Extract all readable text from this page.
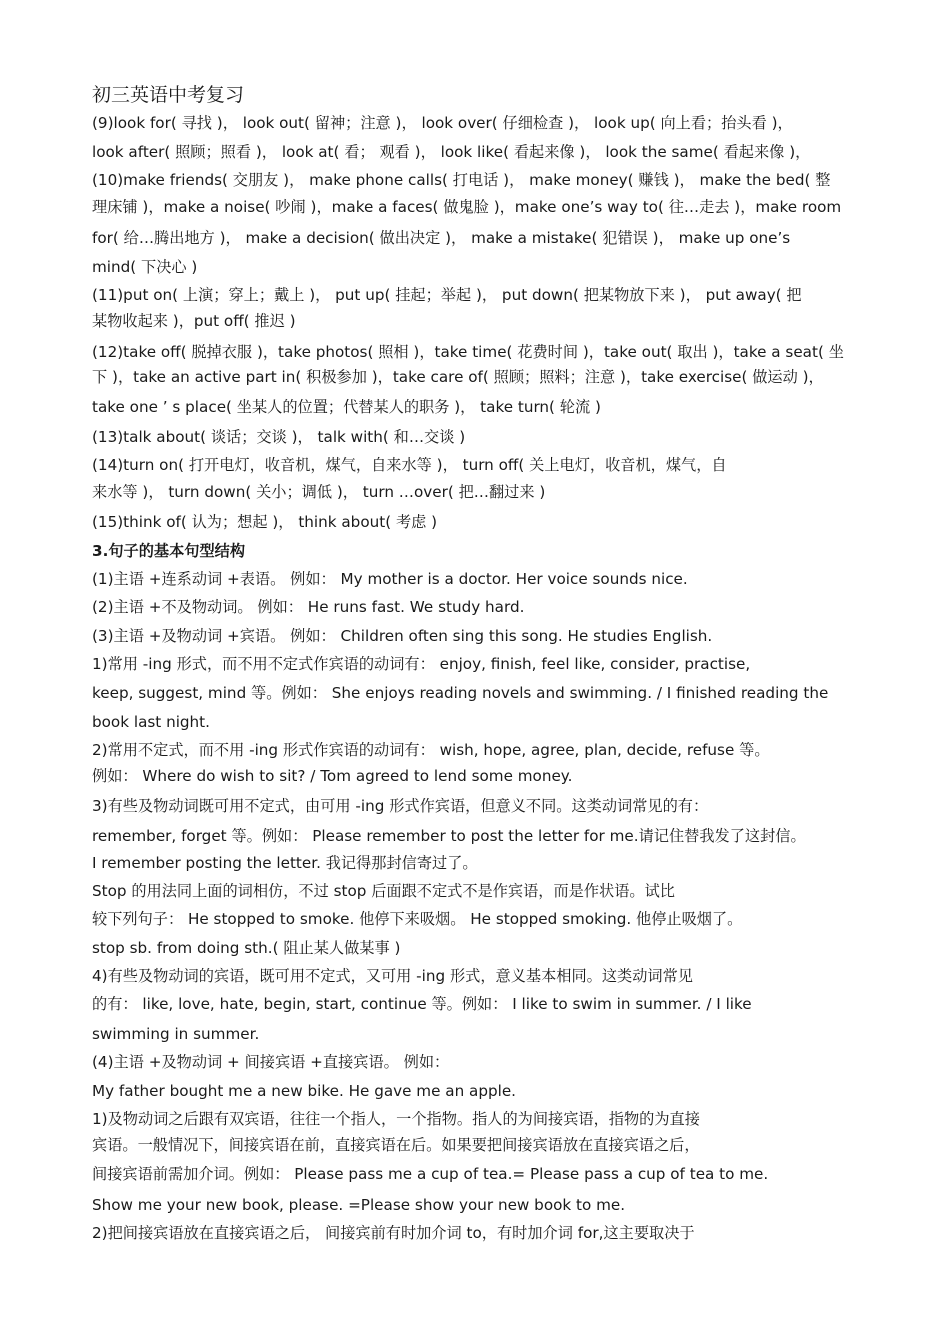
初三英语中考复习
(9)look for( 寻找 )， look out( 留神；注意 )， look over( 仔细检查 )， look up( 向上看；抬头看 )，
look after( 照顾；照看 )， look at( 看； 观看 )， look like( 看起来像 )， look the same( 看起来像 )，
(10)make friends( 交朋友 )， make phone calls( 打电话 )， make money( 赚钱 )， make the bed( 整
理床铺 )，make a noise( 吵闹 )，make a faces( 做鬼脸 )，make one’s way to( 往…走去 )，make room
for( 给…腾出地方 )， make a decision( 做出决定 )， make a mistake( 犯错误 )， make up one’s
mind( 下决心 )
(11)put on( 上演；穿上；戴上 )， put up( 挂起；举起 )， put down( 把某物放下来 )， put away( 把
某物收起来 )，put off( 推迟 )
(12)take off( 脱掉衣服 )，take photos( 照相 )，take time( 花费时间 )，take out( 取出 )，take a seat( 坐
下 )，take an active part in( 积极参加 )，take care of( 照顾；照料；注意 )，take exercise( 做运动 )，
take one ’ s place( 坐某人的位置；代替某人的职务 )， take turn( 轮流 )
(13)talk about( 谈话；交谈 )， talk with( 和…交谈 )
(14)turn on( 打开电灯，收音机，煤气，自来水等 )， turn off( 关上电灯，收音机，煤气，自
来水等 )， turn down( 关小；调低 )， turn …over( 把…翻过来 )
(15)think of( 认为；想起 )， think about( 考虑 )
3.句子的基本句型结构
(1)主语 +连系动词 +表语。 例如： My mother is a doctor. Her voice sounds nice.
(2)主语 +不及物动词。 例如： He runs fast. We study hard.
(3)主语 +及物动词 +宾语。 例如： Children often sing this song. He studies English.
1)常用 -ing 形式，而不用不定式作宾语的动词有： enjoy, finish, feel like, consider, practise,
keep, suggest, mind 等。例如： She enjoys reading novels and swimming. / I finished reading the
book last night.
2)常用不定式，而不用 -ing 形式作宾语的动词有： wish, hope, agree, plan, decide, refuse 等。
例如： Where do wish to sit? / Tom agreed to lend some money.
3)有些及物动词既可用不定式，由可用 -ing 形式作宾语，但意义不同。这类动词常见的有：
remember, forget 等。例如： Please remember to post the letter for me.请记住替我发了这封信。
I remember posting the letter. 我记得那封信寄过了。
Stop 的用法同上面的词相仿，不过 stop 后面跟不定式不是作宾语，而是作状语。试比
较下列句子： He stopped to smoke. 他停下来吸烟。 He stopped smoking. 他停止吸烟了。
stop sb. from doing sth.( 阻止某人做某事 )
4)有些及物动词的宾语，既可用不定式，又可用 -ing 形式，意义基本相同。这类动词常见
的有： like, love, hate, begin, start, continue 等。例如： I like to swim in summer. / I like
swimming in summer.
(4)主语 +及物动词 + 间接宾语 +直接宾语。 例如：
My father bought me a new bike. He gave me an apple.
1)及物动词之后跟有双宾语，往往一个指人，一个指物。指人的为间接宾语，指物的为直接
宾语。一般情况下，间接宾语在前，直接宾语在后。如果要把间接宾语放在直接宾语之后，
间接宾语前需加介词。例如： Please pass me a cup of tea.= Please pass a cup of tea to me.
Show me your new book, please. =Please show your new book to me.
2)把间接宾语放在直接宾语之后， 间接宾前有时加介词 to，有时加介词 for,这主要取决于
